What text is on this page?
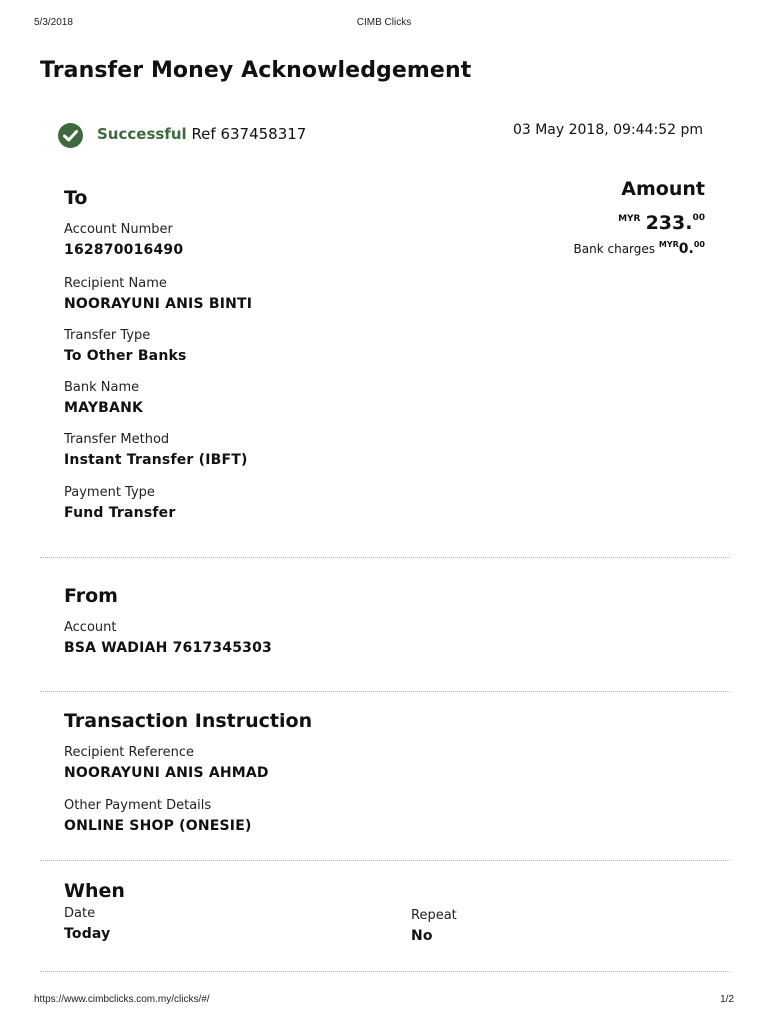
5/3/2018	CIMB Clicks
Transfer Money Acknowledgement
Successful Ref 637458317	03 May 2018, 09:44:52 pm
To
Account Number
162870016490
Recipient Name
NOORAYUNI ANIS BINTI
Transfer Type
To Other Banks
Bank Name
MAYBANK
Transfer Method
Instant Transfer (IBFT)
Payment Type
Fund Transfer
Amount
$^{MYR}$ 233.00
Bank charges $^{MYR}$0.00
From
Account
BSA WADIAH 7617345303
Transaction Instruction
Recipient Reference
NOORAYUNI ANIS AHMAD
Other Payment Details
ONLINE SHOP (ONESIE)
When
Date
Today
Repeat
No
https://www.cimbclicks.com.my/clicks/#/	1/2
